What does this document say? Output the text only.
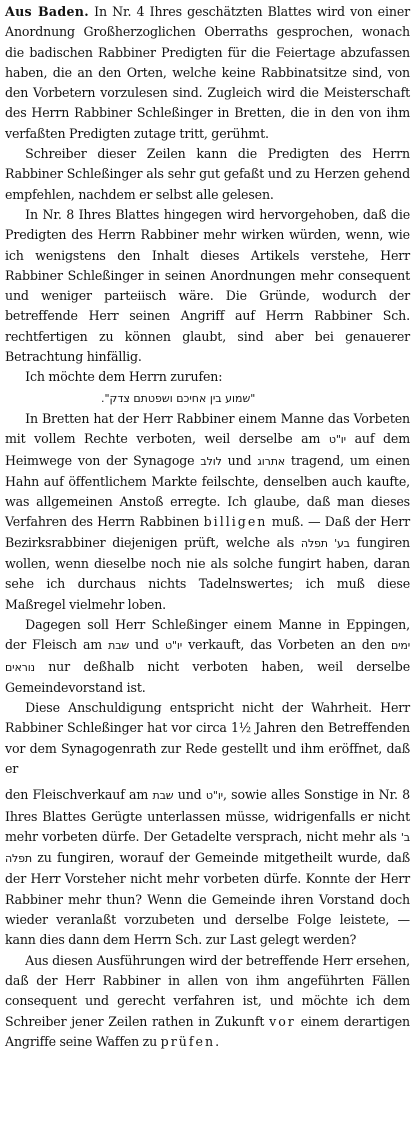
Aus Baden. In Nr. 4 Ihres geschätzten Blattes wird von einer Anordnung Großherzoglichen Oberraths gesprochen, wonach die badischen Rabbiner Predigten für die Feiertage abzufassen haben, die an den Orten, welche keine Rabbinatsitze sind, von den Vorbetern vorzulesen sind. Zugleich wird die Meisterschaft des Herrn Rabbiner Schleßinger in Bretten, die in den von ihm verfaßten Predigten zutage tritt, gerühmt.

Schreiber dieser Zeilen kann die Predigten des Herrn Rabbiner Schleßinger als sehr gut gefaßt und zu Herzen gehend empfehlen, nachdem er selbst alle gelesen.

In Nr. 8 Ihres Blattes hingegen wird hervorgehoben, daß die Predigten des Herrn Rabbiner mehr wirken würden, wenn, wie ich wenigstens den Inhalt dieses Artikels verstehe, Herr Rabbiner Schleßinger in seinen Anordnungen mehr consequent und weniger parteiisch wäre. Die Gründe, wodurch der betreffende Herr seinen Angriff auf Herrn Rabbiner Sch. rechtfertigen zu können glaubt, sind aber bei genauerer Betrachtung hinfällig.

Ich möchte dem Herrn zurufen:

"שמוע בין אחיכם ושפטתם צדק".

In Bretten hat der Herr Rabbiner einem Manne das Vorbeten mit vollem Rechte verboten, weil derselbe am יו"ט auf dem Heimwege von der Synagoge לולב und אתרוג tragend, um einen Hahn auf öffentlichem Markte feilschte, denselben auch kaufte, was allgemeinen Anstoß erregte. Ich glaube, daß man dieses Verfahren des Herrn Rabbinen billigen muß. — Daß der Herr Bezirksrabbiner diejenigen prüft, welche als בע' תפלה fungiren wollen, wenn dieselbe noch nie als solche fungirt haben, daran sehe ich durchaus nichts Tadelnswertes; ich muß diese Maßregel vielmehr loben.

Dagegen soll Herr Schleßinger einem Manne in Eppingen, der Fleisch am שבת und יו"ט verkauft, das Vorbeten an den ימים נוראים nur deßhalb nicht verboten haben, weil derselbe Gemeindevorstand ist.

Diese Anschuldigung entspricht nicht der Wahrheit. Herr Rabbiner Schleßinger hat vor circa 1½ Jahren den Betreffenden vor dem Synagogenrath zur Rede gestellt und ihm eröffnet, daß er

den Fleischverkauf am שבת und יו"ט, sowie alles Sonstige in Nr. 8 Ihres Blattes Gerügte unterlassen müsse, widrigenfalls er nicht mehr vorbeten dürfe. Der Getadelte versprach, nicht mehr als ב' תפלה zu fungiren, worauf der Gemeinde mitgetheilt wurde, daß der Herr Vorsteher nicht mehr vorbeten dürfe. Konnte der Herr Rabbiner mehr thun? Wenn die Gemeinde ihren Vorstand doch wieder veranlaßt vorzubeten und derselbe Folge leistete, — kann dies dann dem Herrn Sch. zur Last gelegt werden?

Aus diesen Ausführungen wird der betreffende Herr ersehen, daß der Herr Rabbiner in allen von ihm angeführten Fällen consequent und gerecht verfahren ist, und möchte ich dem Schreiber jener Zeilen rathen in Zukunft vor einem derartigen Angriffe seine Waffen zu prüfen.
